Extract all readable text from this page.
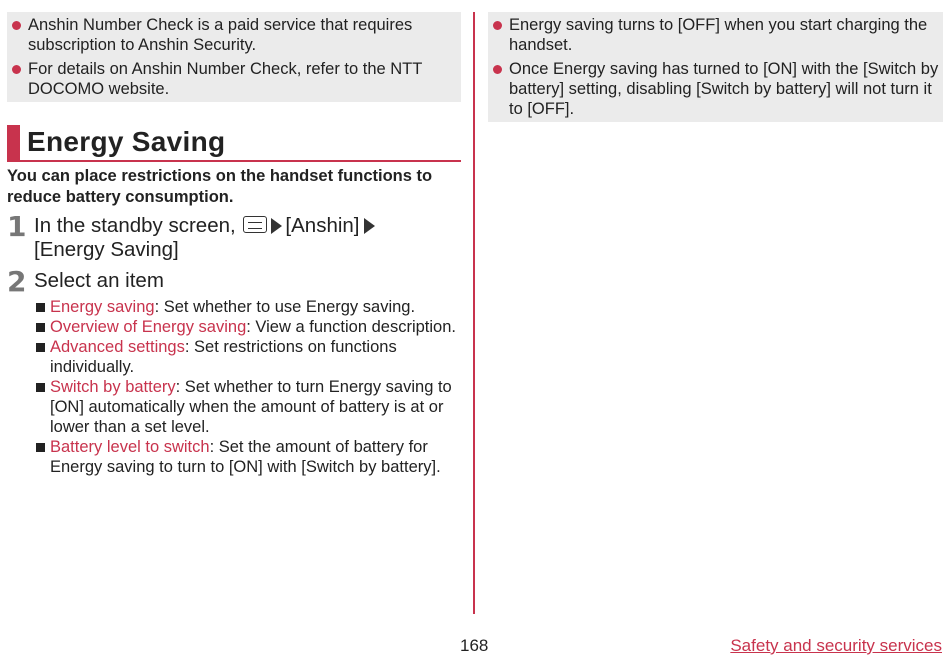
Anshin Number Check is a paid service that requires subscription to Anshin Security.
For details on Anshin Number Check, refer to the NTT DOCOMO website.
Energy Saving
You can place restrictions on the handset functions to reduce battery consumption.
1 In the standby screen, [Anshin]
[Energy Saving]
2 Select an item
Energy saving: Set whether to use Energy saving.
Overview of Energy saving: View a function description.
Advanced settings: Set restrictions on functions individually.
Switch by battery: Set whether to turn Energy saving to [ON] automatically when the amount of battery is at or lower than a set level.
Battery level to switch: Set the amount of battery for Energy saving to turn to [ON] with [Switch by battery].
Energy saving turns to [OFF] when you start charging the handset.
Once Energy saving has turned to [ON] with the [Switch by battery] setting, disabling [Switch by battery] will not turn it to [OFF].
168	Safety and security services
